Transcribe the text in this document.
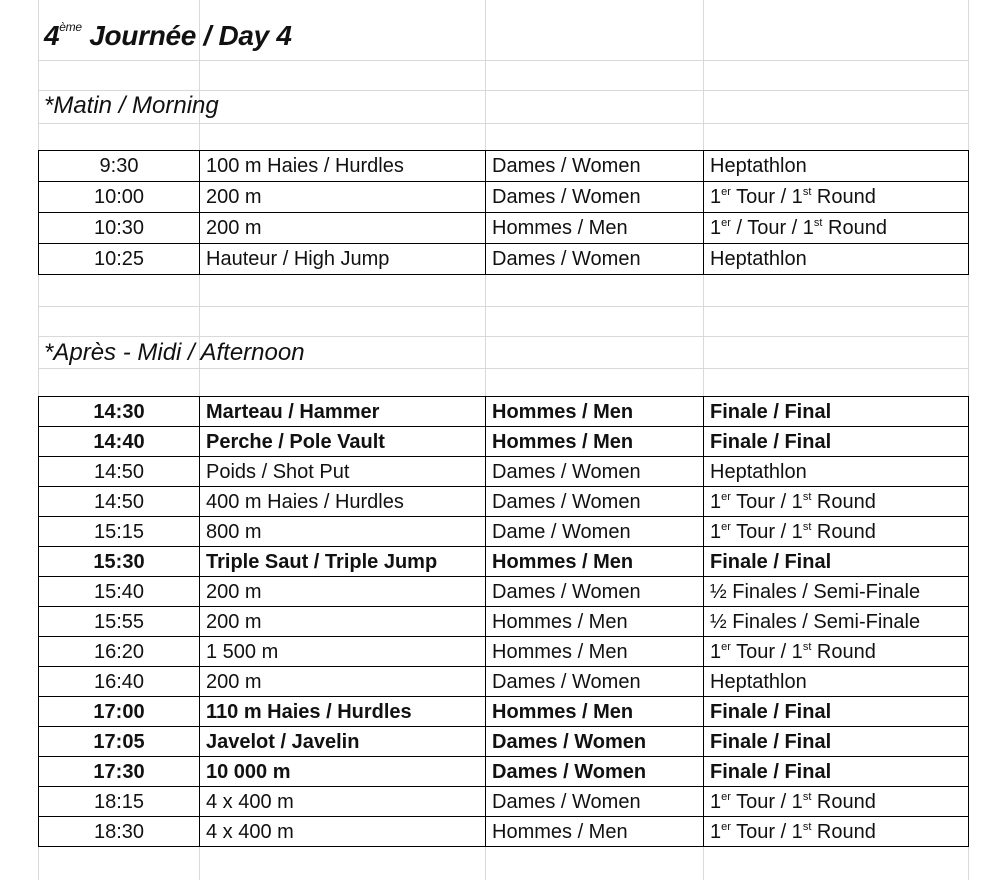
4ème Journée / Day 4
*Matin / Morning
9:30	100 m Haies / Hurdles	Dames / Women	Heptathlon
10:00	200 m	Dames / Women	1er Tour / 1st Round
10:30	200 m	Hommes / Men	1er / Tour / 1st Round
10:25	Hauteur / High Jump	Dames / Women	Heptathlon
*Après - Midi / Afternoon
14:30	Marteau / Hammer	Hommes / Men	Finale / Final
14:40	Perche / Pole Vault	Hommes / Men	Finale / Final
14:50	Poids / Shot Put	Dames / Women	Heptathlon
14:50	400 m Haies / Hurdles	Dames / Women	1er Tour / 1st Round
15:15	800 m	Dame / Women	1er Tour / 1st Round
15:30	Triple Saut / Triple Jump	Hommes / Men	Finale / Final
15:40	200 m	Dames / Women	½ Finales / Semi-Finale
15:55	200 m	Hommes / Men	½ Finales / Semi-Finale
16:20	1 500 m	Hommes / Men	1er Tour / 1st Round
16:40	200 m	Dames / Women	Heptathlon
17:00	110 m Haies / Hurdles	Hommes / Men	Finale / Final
17:05	Javelot / Javelin	Dames / Women	Finale / Final
17:30	10 000 m	Dames / Women	Finale / Final
18:15	4 x 400 m	Dames / Women	1er Tour / 1st Round
18:30	4 x 400 m	Hommes / Men	1er Tour / 1st Round
